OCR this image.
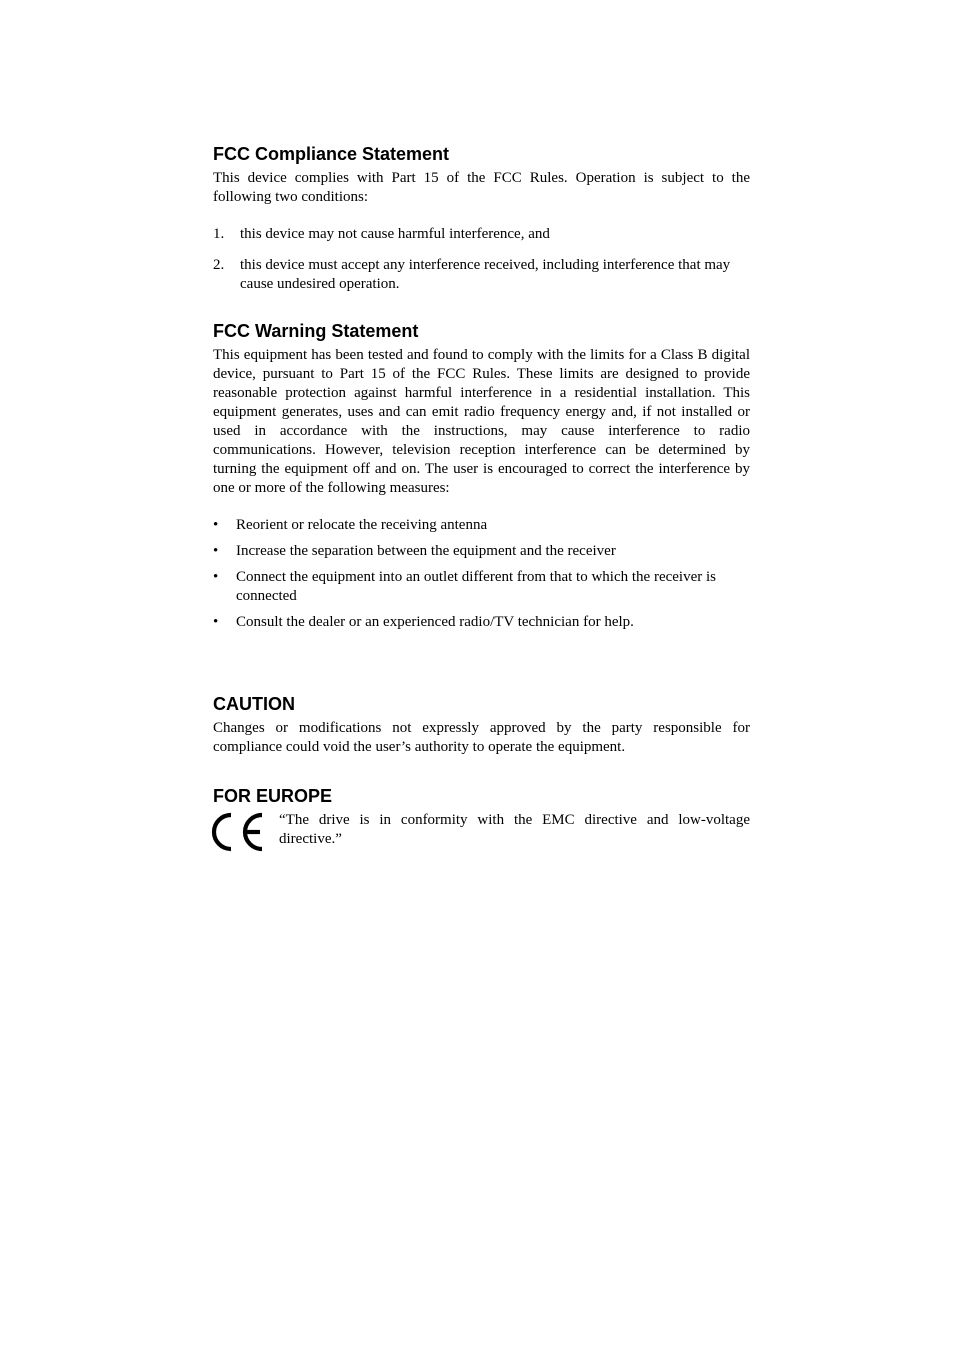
FCC Compliance Statement

This device complies with Part 15 of the FCC Rules. Operation is subject to the following two conditions:

1. this device may not cause harmful interference, and
2. this device must accept any interference received, including interference that may cause undesired operation.
FCC Warning Statement

This equipment has been tested and found to comply with the limits for a Class B digital device, pursuant to Part 15 of the FCC Rules. These limits are designed to provide reasonable protection against harmful interference in a residential installation. This equipment generates, uses and can emit radio frequency energy and, if not installed or used in accordance with the instructions, may cause interference to radio communications. However, television reception interference can be determined by turning the equipment off and on. The user is encouraged to correct the interference by one or more of the following measures:

• Reorient or relocate the receiving antenna
• Increase the separation between the equipment and the receiver
• Connect the equipment into an outlet different from that to which the receiver is connected
• Consult the dealer or an experienced radio/TV technician for help.
CAUTION

Changes or modifications not expressly approved by the party responsible for compliance could void the user’s authority to operate the equipment.

FOR EUROPE
“The drive is in conformity with the EMC directive and low-voltage directive.”
